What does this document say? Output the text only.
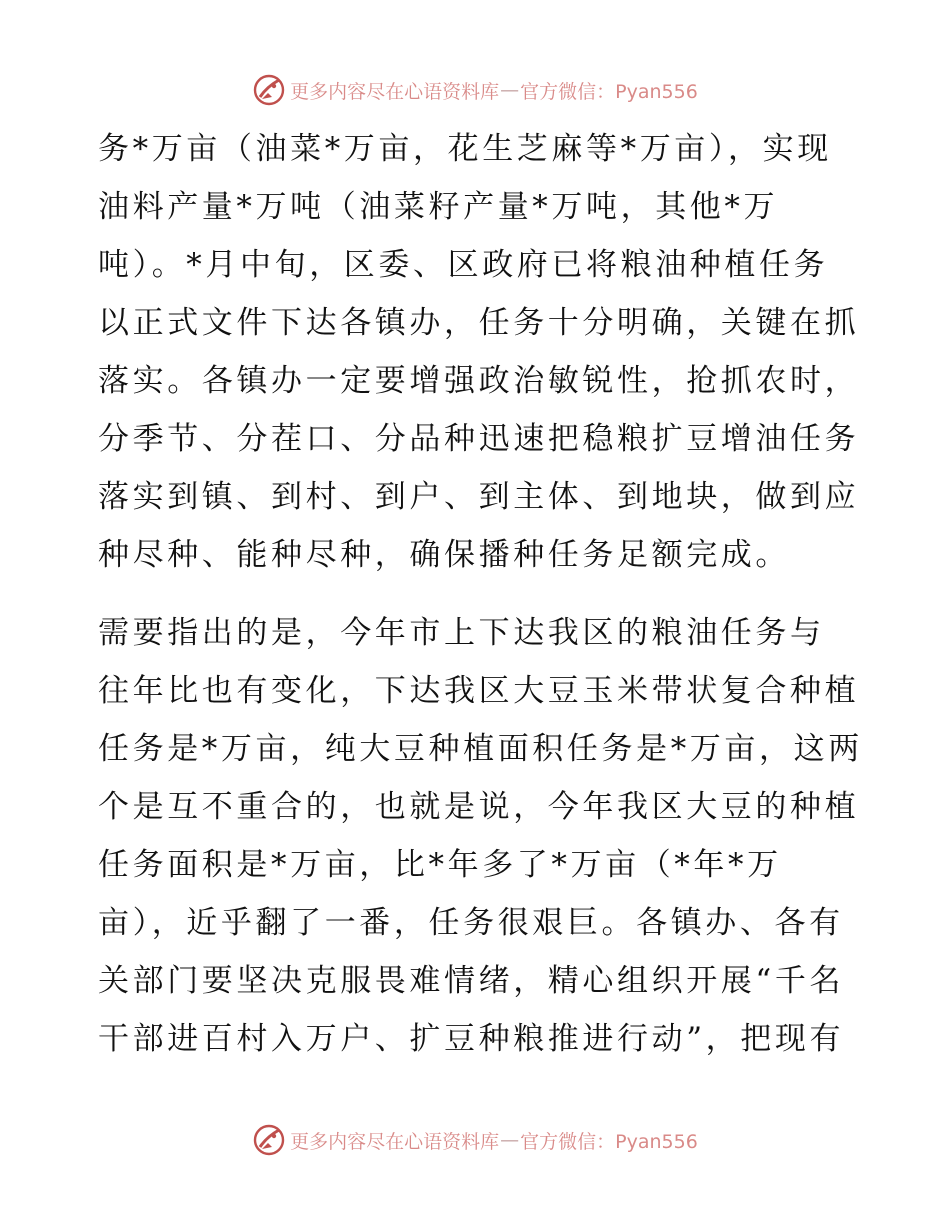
更多内容尽在心语资料库 — 官方微信：Pyan556
务*万亩（油菜*万亩，花生芝麻等*万亩），实现
油料产量*万吨（油菜籽产量*万吨，其他*万
吨）。*月中旬，区委、区政府已将粮油种植任务
以正式文件下达各镇办，任务十分明确，关键在抓
落实。各镇办一定要增强政治敏锐性，抢抓农时，
分季节、分茬口、分品种迅速把稳粮扩豆增油任务
落实到镇、到村、到户、到主体、到地块，做到应
种尽种、能种尽种，确保播种任务足额完成。
需要指出的是，今年市上下达我区的粮油任务与
往年比也有变化，下达我区大豆玉米带状复合种植
任务是*万亩，纯大豆种植面积任务是*万亩，这两
个是互不重合的，也就是说，今年我区大豆的种植
任务面积是*万亩，比*年多了*万亩（*年*万
亩），近乎翻了一番，任务很艰巨。各镇办、各有
关部门要坚决克服畏难情绪，精心组织开展“千名
干部进百村入万户、扩豆种粮推进行动”，把现有
更多内容尽在心语资料库 — 官方微信：Pyan556
